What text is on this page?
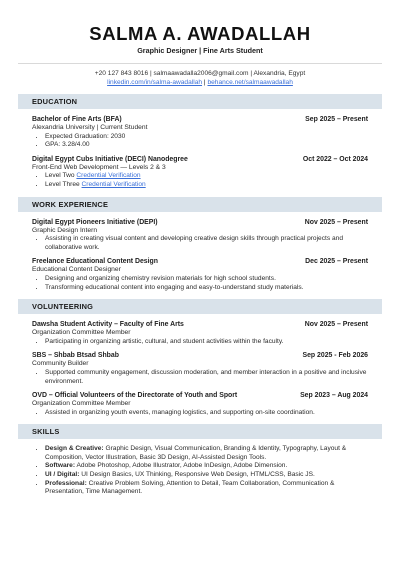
SALMA A. AWADALLAH
Graphic Designer | Fine Arts Student
+20 127 843 8016 | salmaawadalla2006@gmail.com | Alexandria, Egypt
linkedin.com/in/salma-awadallah | behance.net/salmaawadallah
EDUCATION
Bachelor of Fine Arts (BFA)	Sep 2025 – Present
Alexandria University | Current Student
• Expected Graduation: 2030
• GPA: 3.28/4.00
Digital Egypt Cubs Initiative (DECI) Nanodegree	Oct 2022 – Oct 2024
Front-End Web Development — Levels 2 & 3
• Level Two Credential Verification
• Level Three Credential Verification
WORK EXPERIENCE
Digital Egypt Pioneers Initiative (DEPI)	Nov 2025 – Present
Graphic Design Intern
• Assisting in creating visual content and developing creative design skills through practical projects and collaborative work.
Freelance Educational Content Design	Dec 2025 – Present
Educational Content Designer
• Designing and organizing chemistry revision materials for high school students.
• Transforming educational content into engaging and easy-to-understand study materials.
VOLUNTEERING
Dawsha Student Activity – Faculty of Fine Arts	Nov 2025 – Present
Organization Committee Member
• Participating in organizing artistic, cultural, and student activities within the faculty.
SBS – Shbab Btsad Shbab	Sep 2025 - Feb 2026
Community Builder
• Supported community engagement, discussion moderation, and member interaction in a positive and inclusive environment.
OVD – Official Volunteers of the Directorate of Youth and Sport	Sep 2023 – Aug 2024
Organization Committee Member
• Assisted in organizing youth events, managing logistics, and supporting on-site coordination.
SKILLS
• Design & Creative: Graphic Design, Visual Communication, Branding & Identity, Typography, Layout & Composition, Vector Illustration, Basic 3D Design, AI-Assisted Design Tools.
• Software: Adobe Photoshop, Adobe Illustrator, Adobe InDesign, Adobe Dimension.
• UI / Digital: UI Design Basics, UX Thinking, Responsive Web Design, HTML/CSS, Basic JS.
• Professional: Creative Problem Solving, Attention to Detail, Team Collaboration, Communication & Presentation, Time Management.
